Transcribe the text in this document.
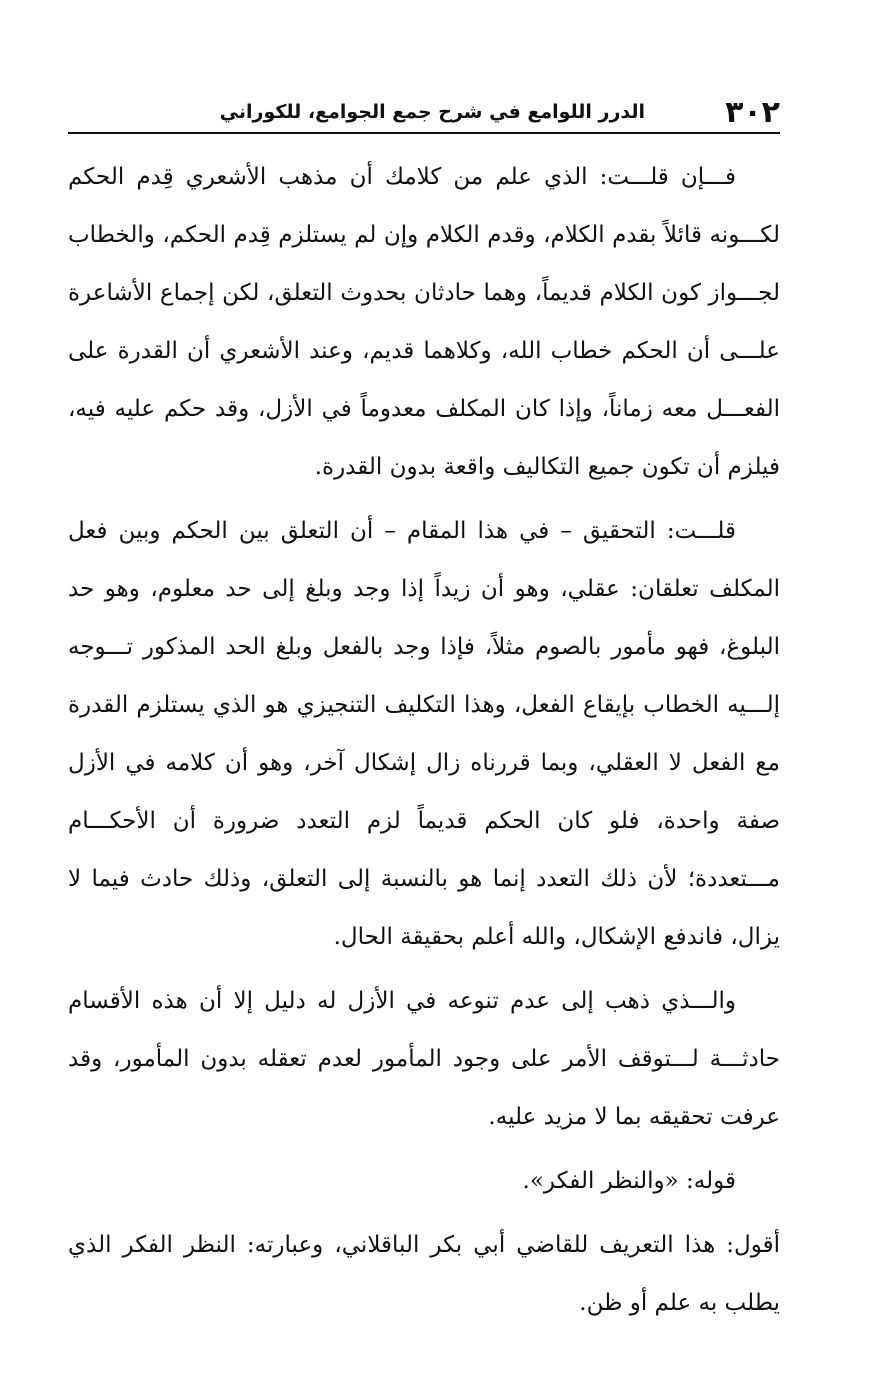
٣٠٢
الدرر اللوامع في شرح جمع الجوامع، للكوراني

فـــإن قلـــت: الذي علم من كلامك أن مذهب الأشعري قِدم الحكم لكـــونه قائلاً بقدم الكلام، وقدم الكلام وإن لم يستلزم قِدم الحكم، والخطاب لجـــواز كون الكلام قديماً، وهما حادثان بحدوث التعلق، لكن إجماع الأشاعرة علـــى أن الحكم خطاب الله، وكلاهما قديم، وعند الأشعري أن القدرة على الفعـــل معه زماناً، وإذا كان المكلف معدوماً في الأزل، وقد حكم عليه فيه، فيلزم أن تكون جميع التكاليف واقعة بدون القدرة.

قلـــت: التحقيق – في هذا المقام – أن التعلق بين الحكم وبين فعل المكلف تعلقان: عقلي، وهو أن زيداً إذا وجد وبلغ إلى حد معلوم، وهو حد البلوغ، فهو مأمور بالصوم مثلاً، فإذا وجد بالفعل وبلغ الحد المذكور تـــوجه إلـــيه الخطاب بإيقاع الفعل، وهذا التكليف التنجيزي هو الذي يستلزم القدرة مع الفعل لا العقلي، وبما قررناه زال إشكال آخر، وهو أن كلامه في الأزل صفة واحدة، فلو كان الحكم قديماً لزم التعدد ضرورة أن الأحكـــام مـــتعددة؛ لأن ذلك التعدد إنما هو بالنسبة إلى التعلق، وذلك حادث فيما لا يزال، فاندفع الإشكال، والله أعلم بحقيقة الحال.

والـــذي ذهب إلى عدم تنوعه في الأزل له دليل إلا أن هذه الأقسام حادثـــة لـــتوقف الأمر على وجود المأمور لعدم تعقله بدون المأمور، وقد عرفت تحقيقه بما لا مزيد عليه.

قوله: «والنظر الفكر».

أقول: هذا التعريف للقاضي أبي بكر الباقلاني، وعبارته: النظر الفكر الذي يطلب به علم أو ظن.
